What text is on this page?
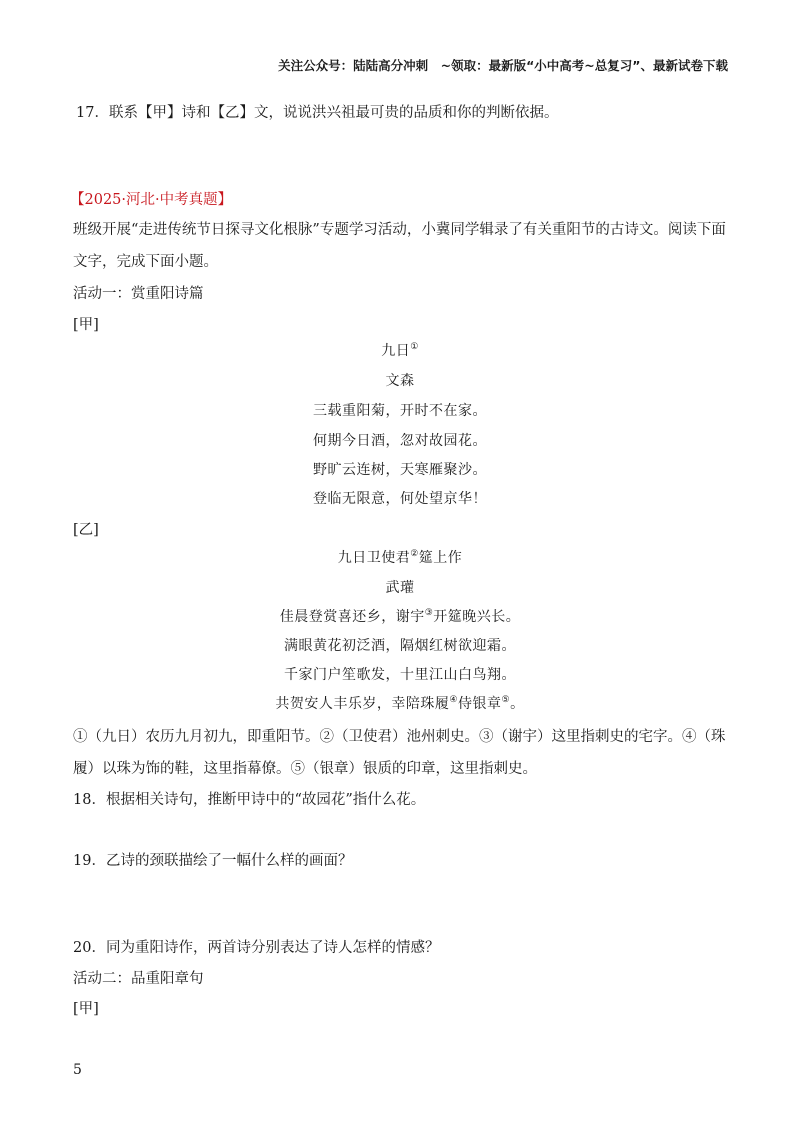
关注公众号：陆陆高分冲刺　~领取：最新版“小中高考~总复习”、最新试卷下载
17．联系【甲】诗和【乙】文，说说洪兴祖最可贵的品质和你的判断依据。
【2025·河北·中考真题】
班级开展“走进传统节日探寻文化根脉”专题学习活动，小冀同学辑录了有关重阳节的古诗文。阅读下面
文字，完成下面小题。
活动一：赏重阳诗篇
[甲]
九日①
文森
三载重阳菊，开时不在家。
何期今日酒，忽对故园花。
野旷云连树，天寒雁聚沙。
登临无限意，何处望京华！
[乙]
九日卫使君②筵上作
武瓘
佳晨登赏喜还乡，谢宇③开筵晚兴长。
满眼黄花初泛酒，隔烟红树欲迎霜。
千家门户笙歌发，十里江山白鸟翔。
共贺安人丰乐岁，幸陪珠履④侍银章⑤。
①（九日）农历九月初九，即重阳节。②（卫使君）池州刺史。③（谢宇）这里指刺史的宅字。④（珠
履）以珠为饰的鞋，这里指幕僚。⑤（银章）银质的印章，这里指刺史。
18．根据相关诗句，推断甲诗中的“故园花”指什么花。
19．乙诗的颈联描绘了一幅什么样的画面？
20．同为重阳诗作，两首诗分别表达了诗人怎样的情感？
活动二：品重阳章句
[甲]
5
